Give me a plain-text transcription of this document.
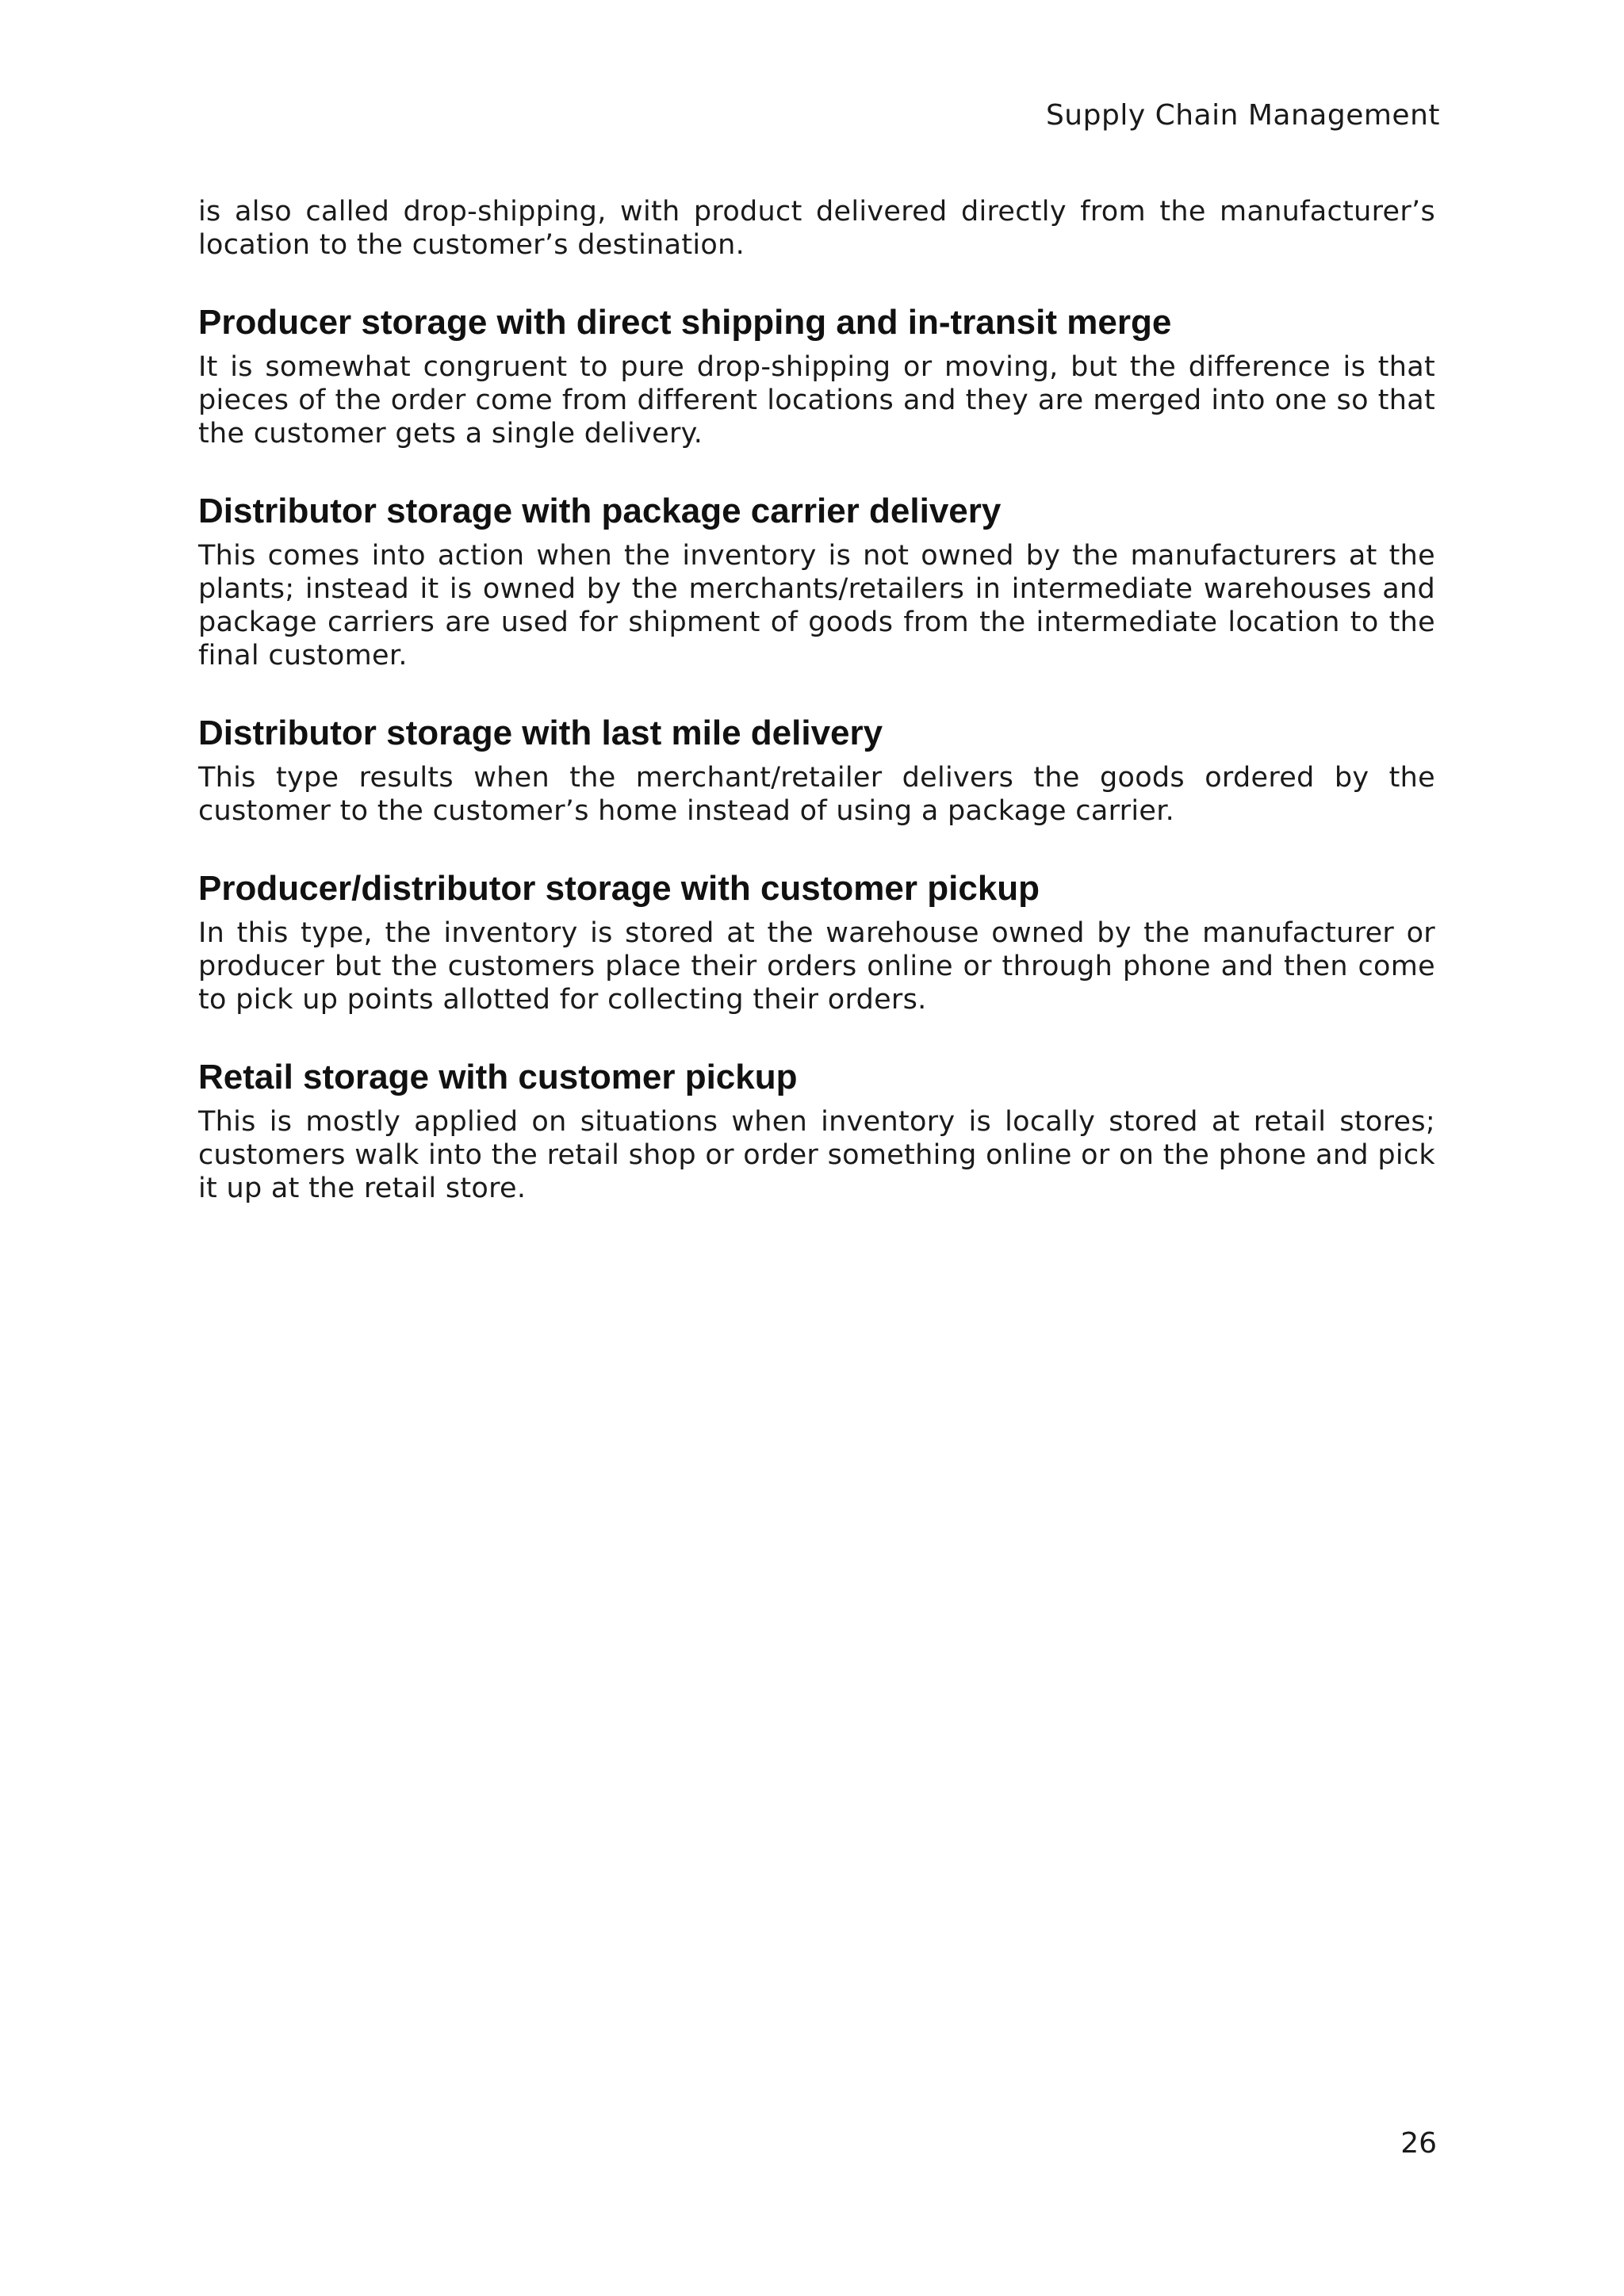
Supply Chain Management

is also called drop-shipping, with product delivered directly from the manufacturer’s location to the customer’s destination.

Producer storage with direct shipping and in-transit merge

It is somewhat congruent to pure drop-shipping or moving, but the difference is that pieces of the order come from different locations and they are merged into one so that the customer gets a single delivery.

Distributor storage with package carrier delivery

This comes into action when the inventory is not owned by the manufacturers at the plants; instead it is owned by the merchants/retailers in intermediate warehouses and package carriers are used for shipment of goods from the intermediate location to the final customer.

Distributor storage with last mile delivery

This type results when the merchant/retailer delivers the goods ordered by the customer to the customer’s home instead of using a package carrier.

Producer/distributor storage with customer pickup

In this type, the inventory is stored at the warehouse owned by the manufacturer or producer but the customers place their orders online or through phone and then come to pick up points allotted for collecting their orders.

Retail storage with customer pickup

This is mostly applied on situations when inventory is locally stored at retail stores; customers walk into the retail shop or order something online or on the phone and pick it up at the retail store.

26
